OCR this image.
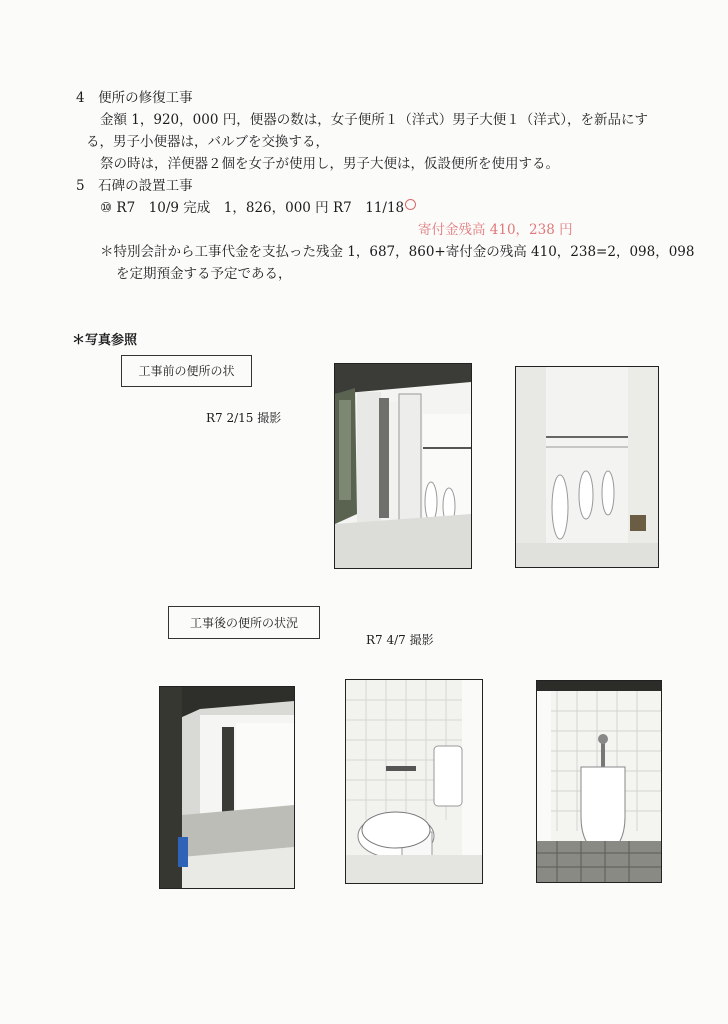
4　便所の修復工事
金額 1，920，000 円，便器の数は，女子便所１（洋式）男子大便１（洋式），を新品にす
る，男子小便器は，バルブを交換する，
祭の時は，洋便器２個を女子が使用し，男子大便は，仮設便所を使用する。
5　石碑の設置工事
⑩ R7　10/9 完成　1，826，000 円 R7　11/18
寄付金残高 410，238 円
＊特別会計から工事代金を支払った残金 1，687，860+寄付金の残高 410，238=2，098，098
を定期預金する予定である，
＊写真参照
工事前の便所の状
R7 2/15 撮影
工事後の便所の状況
R7 4/7 撮影
